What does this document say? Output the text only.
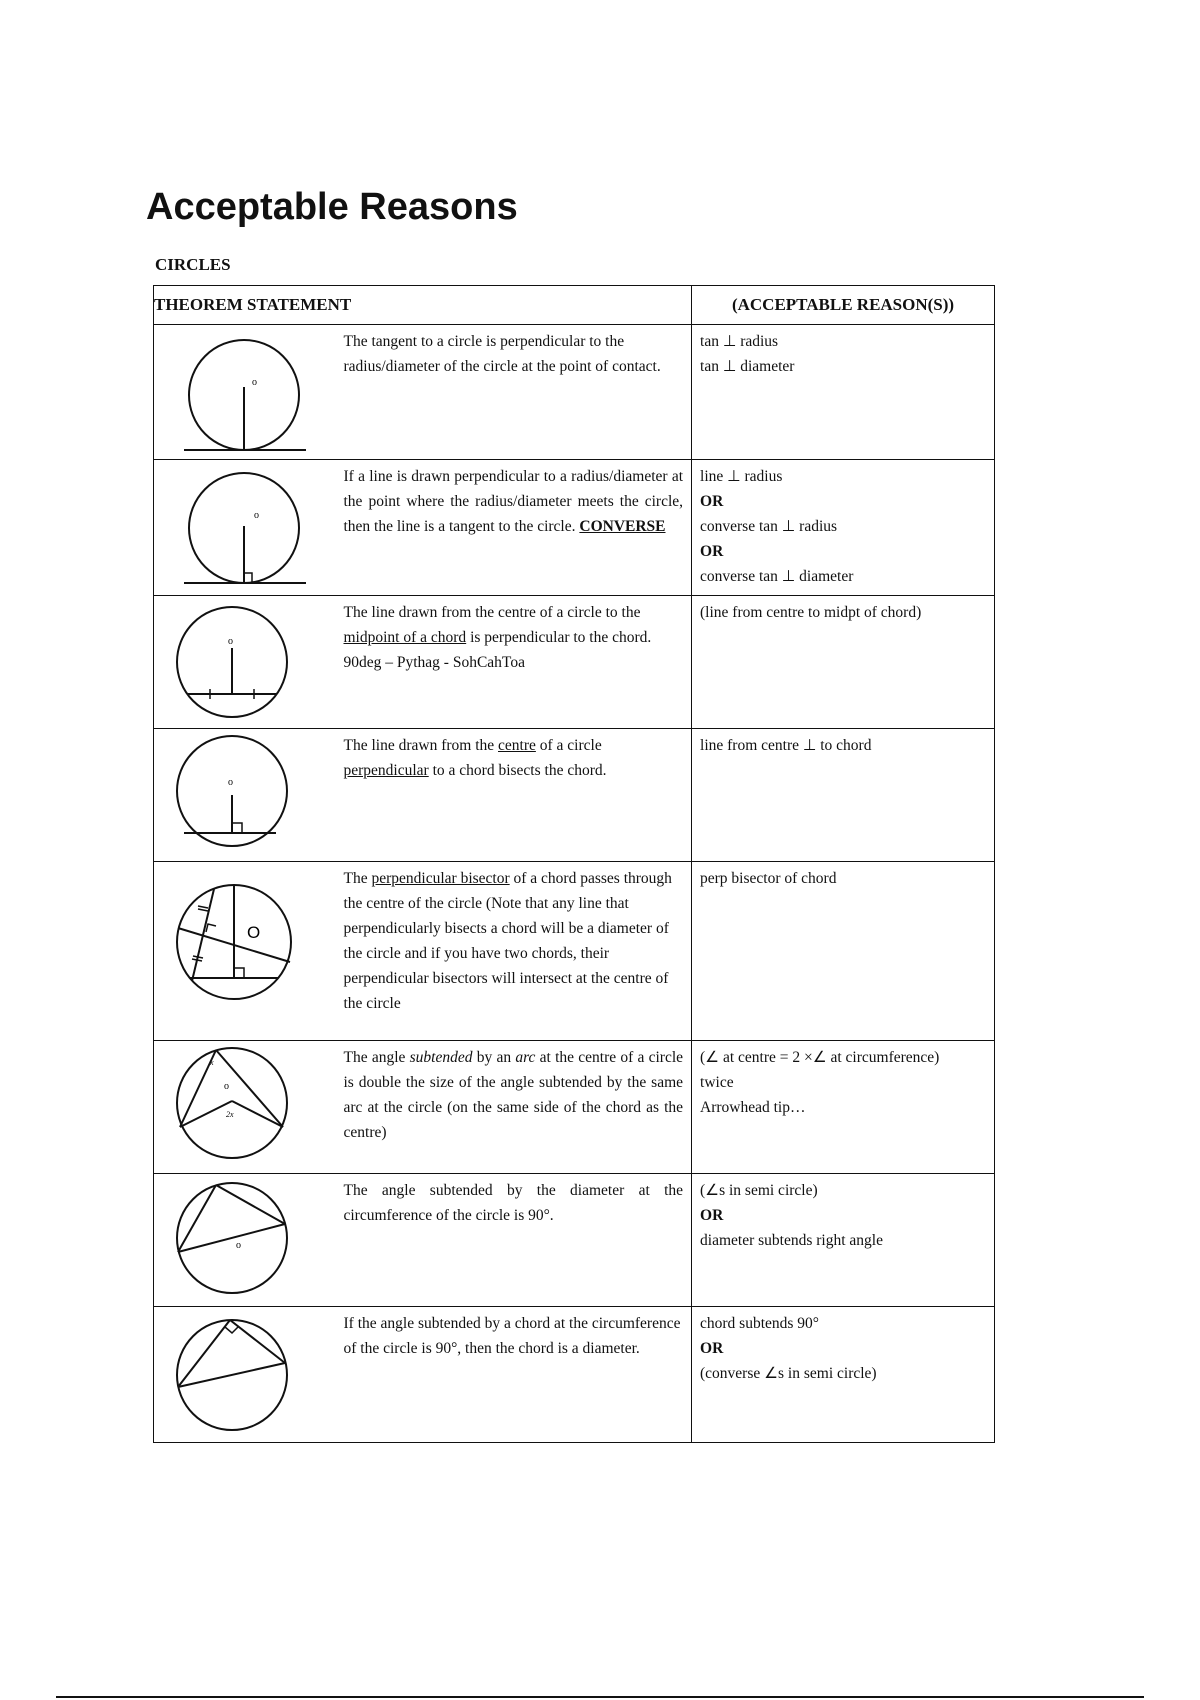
Acceptable Reasons
CIRCLES
THEOREM STATEMENT		(ACCEPTABLE REASON(S))

o	The tangent to a circle is perpendicular to the radius/diameter of the circle at the point of contact.	tan ⊥ radius
tan ⊥ diameter

o	If a line is drawn perpendicular to a radius/diameter at the point where the radius/diameter meets the circle, then the line is a tangent to the circle. CONVERSE	line ⊥ radius
OR
converse tan ⊥ radius
OR
converse tan ⊥ diameter

o	The line drawn from the centre of a circle to the midpoint of a chord is perpendicular to the chord. 90deg – Pythag - SohCahToa	(line from centre to midpt of chord)

o	The line drawn from the centre of a circle perpendicular to a chord bisects the chord.	line from centre ⊥ to chord

O	The perpendicular bisector of a chord passes through the centre of the circle (Note that any line that perpendicularly bisects a chord will be a diameter of the circle and if you have two chords, their perpendicular bisectors will intersect at the centre of the circle	perp bisector of chord

x
o
2x	The angle subtended by an arc at the centre of a circle is double the size of the angle subtended by the same arc at the circle (on the same side of the chord as the centre)	(∠ at centre = 2 ×∠ at circumference)
twice
Arrowhead tip…

o	The angle subtended by the diameter at the circumference of the circle is 90°.	(∠s in semi circle)
OR
diameter subtends right angle

	If the angle subtended by a chord at the circumference of the circle is 90°, then the chord is a diameter.	chord subtends 90°
OR
(converse ∠s in semi circle)
